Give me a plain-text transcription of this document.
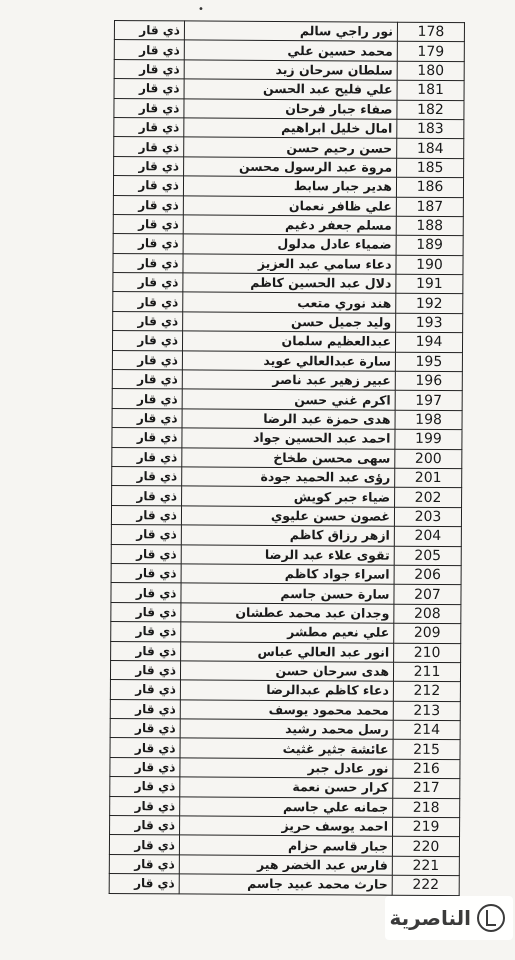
•
ذي قار	نور راجي سالم	178
ذي قار	محمد حسين علي	179
ذي قار	سلطان سرحان زيد	180
ذي قار	علي فليح عبد الحسن	181
ذي قار	صفاء جبار فرحان	182
ذي قار	امال خليل ابراهيم	183
ذي قار	حسن رحيم حسن	184
ذي قار	مروة عبد الرسول محسن	185
ذي قار	هدير جبار سابط	186
ذي قار	علي ظافر نعمان	187
ذي قار	مسلم جعفر دغيم	188
ذي قار	ضمياء عادل مدلول	189
ذي قار	دعاء سامي عبد العزيز	190
ذي قار	دلال عبد الحسين كاظم	191
ذي قار	هند نوري متعب	192
ذي قار	وليد جميل حسن	193
ذي قار	عبدالعظيم سلمان	194
ذي قار	سارة عبدالعالي عويد	195
ذي قار	عبير زهير عبد ناصر	196
ذي قار	اكرم غني حسن	197
ذي قار	هدى حمزة عبد الرضا	198
ذي قار	احمد عبد الحسين جواد	199
ذي قار	سهى محسن طخاخ	200
ذي قار	رؤى عبد الحميد جودة	201
ذي قار	ضياء جبر كويش	202
ذي قار	غصون حسن عليوي	203
ذي قار	ازهر رزاق كاظم	204
ذي قار	تقوى علاء عبد الرضا	205
ذي قار	اسراء جواد كاظم	206
ذي قار	سارة حسن جاسم	207
ذي قار	وجدان عبد محمد عطشان	208
ذي قار	علي نعيم مطشر	209
ذي قار	انور عبد العالي عباس	210
ذي قار	هدى سرحان حسن	211
ذي قار	دعاء كاظم عبدالرضا	212
ذي قار	محمد محمود يوسف	213
ذي قار	رسل محمد رشيد	214
ذي قار	عائشة جثير غثيث	215
ذي قار	نور عادل جبر	216
ذي قار	كرار حسن نعمة	217
ذي قار	جمانه علي جاسم	218
ذي قار	احمد يوسف حريز	219
ذي قار	جبار قاسم حزام	220
ذي قار	فارس عبد الخضر هير	221
ذي قار	حارث محمد عبيد جاسم	222
الناصرية
